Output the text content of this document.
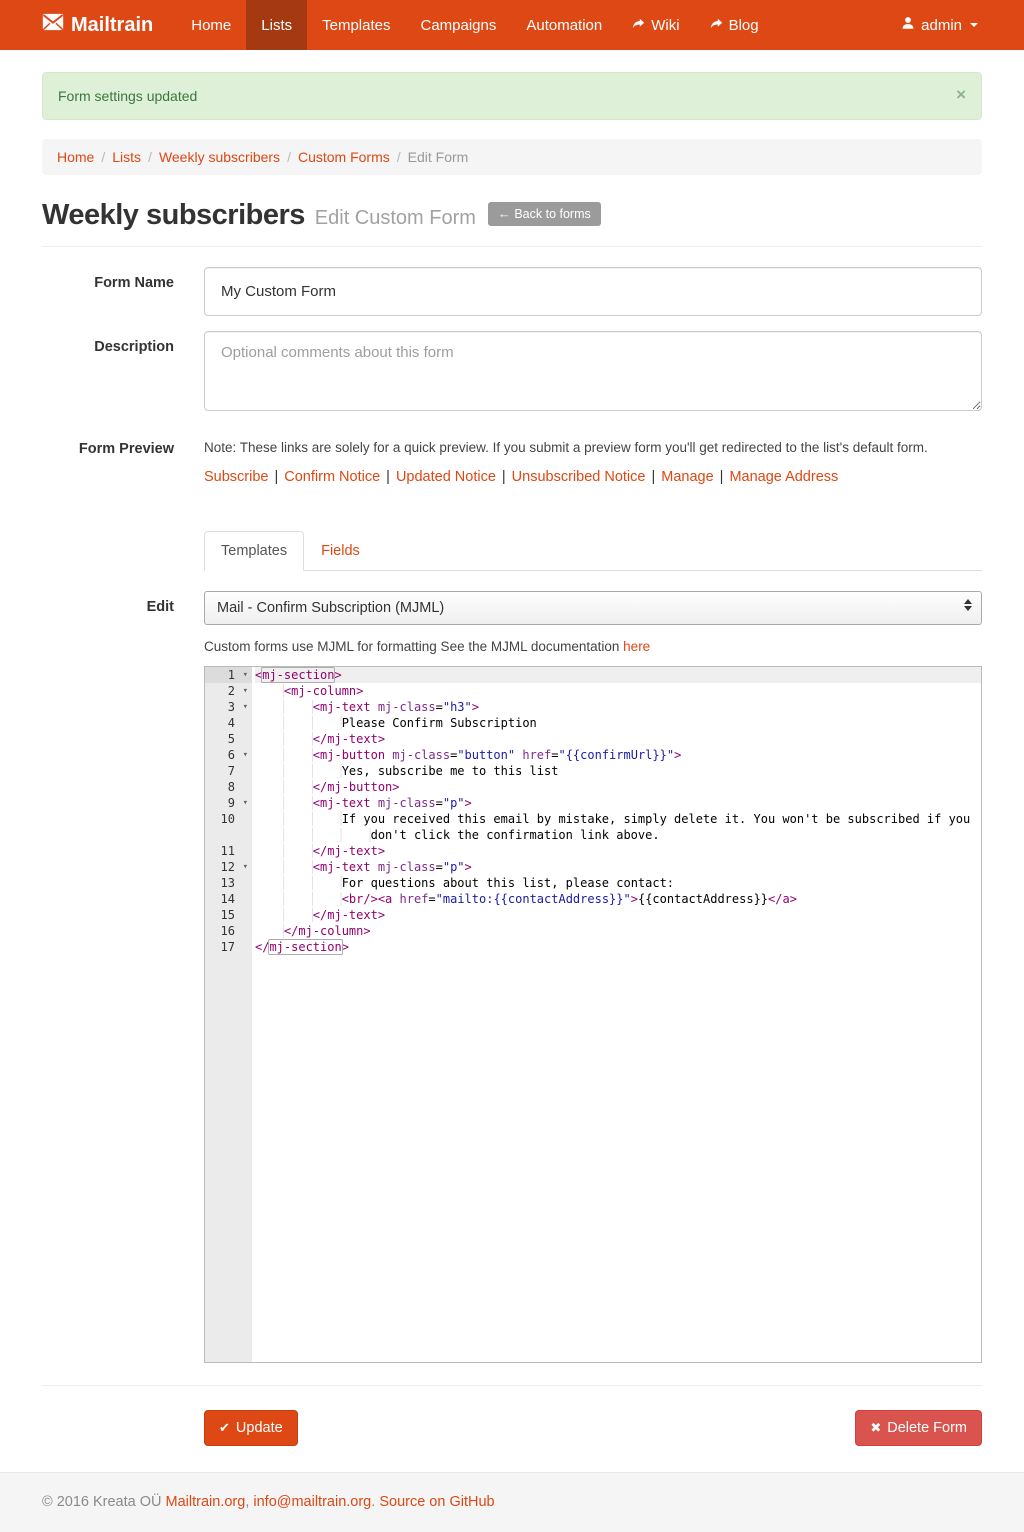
Mailtrain	Home Lists Templates Campaigns Automation	Wiki	Blog	admin
Form settings updated	×
Home / Lists / Weekly subscribers / Custom Forms / Edit Form
Weekly subscribers Edit Custom Form ← Back to forms
Form Name
My Custom Form
Description
Optional comments about this form
Form Preview	Note: These links are solely for a quick preview. If you submit a preview form you'll get redirected to the list's default form.
Subscribe | Confirm Notice | Updated Notice | Unsubscribed Notice | Manage | Manage Address
Templates	Fields
Edit
Mail - Confirm Subscription (MJML)
Custom forms use MJML for formatting See the MJML documentation here
1 ▾
2 ▾
3 ▾
4
5
6 ▾
7
8
9 ▾
10
11
12 ▾
13
14
15
16
17
<mj-section>
<mj-column>
<mj-text mj-class="h3">
Please Confirm Subscription
</mj-text>
<mj-button mj-class="button" href="{{confirmUrl}}">
Yes, subscribe me to this list
</mj-button>
<mj-text mj-class="p">
If you received this email by mistake, simply delete it. You won't be subscribed if you
don't click the confirmation link above.
</mj-text>
<mj-text mj-class="p">
For questions about this list, please contact:
<br/><a href="mailto:{{contactAddress}}">{{contactAddress}}</a>
</mj-text>
</mj-column>
</mj-section>
✔ Update	✖ Delete Form
© 2016 Kreata OÜ Mailtrain.org, info@mailtrain.org. Source on GitHub
